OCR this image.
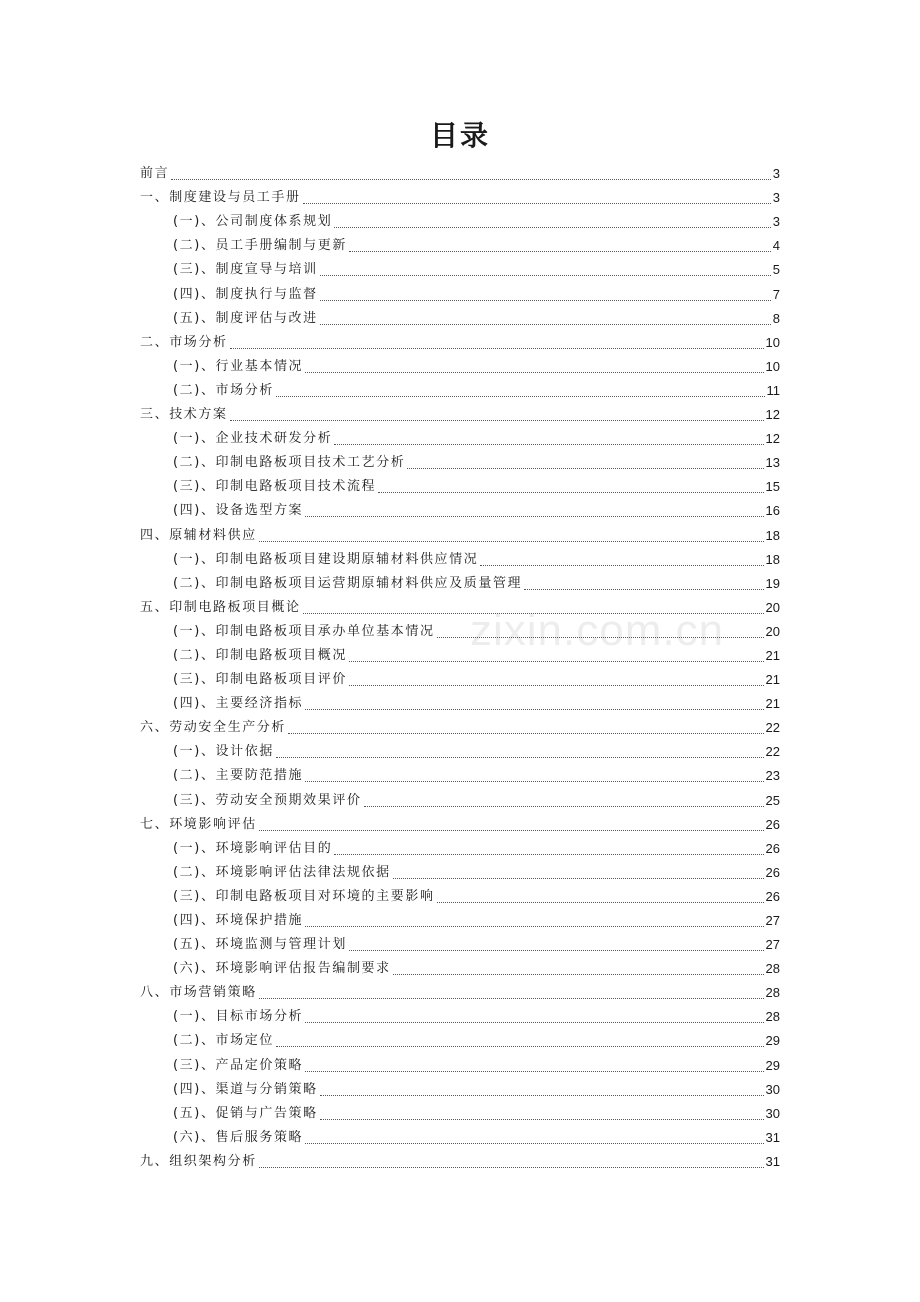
目录
zixin.com.cn
前言	3
一、制度建设与员工手册	3
(一)、公司制度体系规划	3
(二)、员工手册编制与更新	4
(三)、制度宣导与培训	5
(四)、制度执行与监督	7
(五)、制度评估与改进	8
二、市场分析	10
(一)、行业基本情况	10
(二)、市场分析	11
三、技术方案	12
(一)、企业技术研发分析	12
(二)、印制电路板项目技术工艺分析	13
(三)、印制电路板项目技术流程	15
(四)、设备选型方案	16
四、原辅材料供应	18
(一)、印制电路板项目建设期原辅材料供应情况	18
(二)、印制电路板项目运营期原辅材料供应及质量管理	19
五、印制电路板项目概论	20
(一)、印制电路板项目承办单位基本情况	20
(二)、印制电路板项目概况	21
(三)、印制电路板项目评价	21
(四)、主要经济指标	21
六、劳动安全生产分析	22
(一)、设计依据	22
(二)、主要防范措施	23
(三)、劳动安全预期效果评价	25
七、环境影响评估	26
(一)、环境影响评估目的	26
(二)、环境影响评估法律法规依据	26
(三)、印制电路板项目对环境的主要影响	26
(四)、环境保护措施	27
(五)、环境监测与管理计划	27
(六)、环境影响评估报告编制要求	28
八、市场营销策略	28
(一)、目标市场分析	28
(二)、市场定位	29
(三)、产品定价策略	29
(四)、渠道与分销策略	30
(五)、促销与广告策略	30
(六)、售后服务策略	31
九、组织架构分析	31
